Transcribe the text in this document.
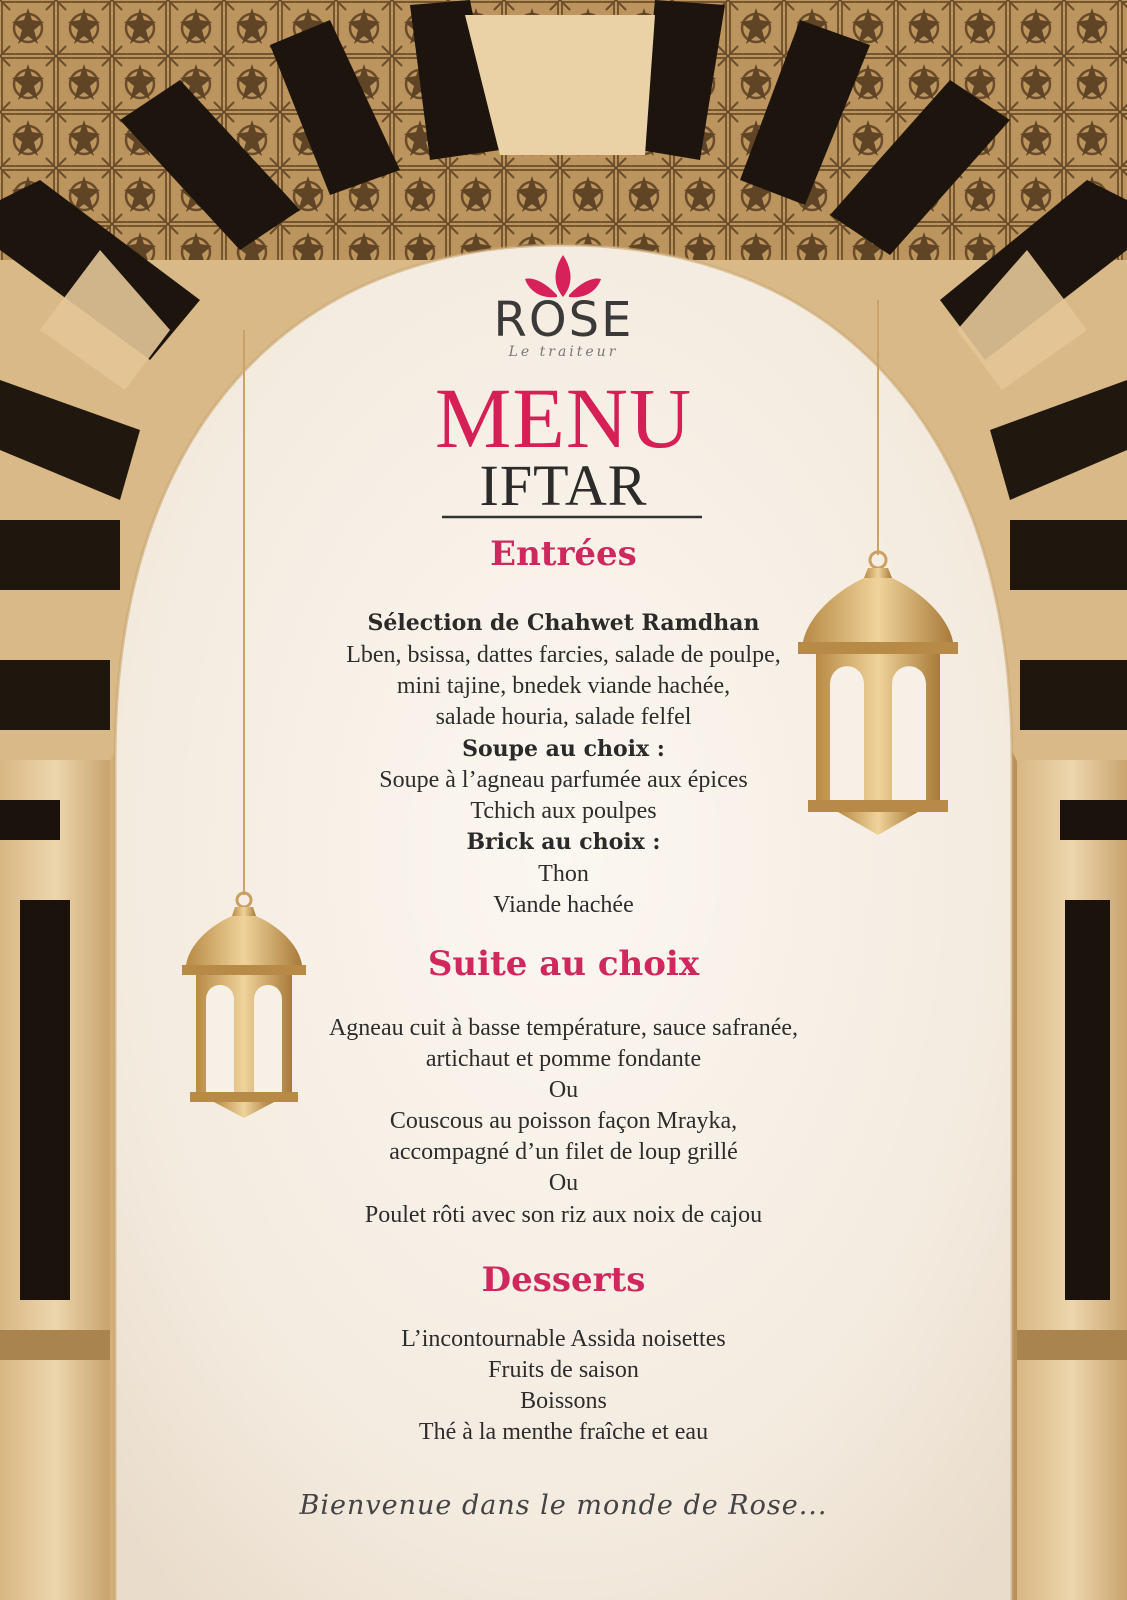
ROSE
Le traiteur
MENU
IFTAR
Entrées
Sélection de Chahwet Ramdhan
Lben, bsissa, dattes farcies, salade de poulpe,
mini tajine, bnedek viande hachée,
salade houria, salade felfel
Soupe au choix :
Soupe à l’agneau parfumée aux épices
Tchich aux poulpes
Brick au choix :
Thon
Viande hachée
Suite au choix
Agneau cuit à basse température, sauce safranée,
artichaut et pomme fondante
Ou
Couscous au poisson façon Mrayka,
accompagné d’un filet de loup grillé
Ou
Poulet rôti avec son riz aux noix de cajou
Desserts
L’incontournable Assida noisettes
Fruits de saison
Boissons
Thé à la menthe fraîche et eau
Bienvenue dans le monde de Rose...
